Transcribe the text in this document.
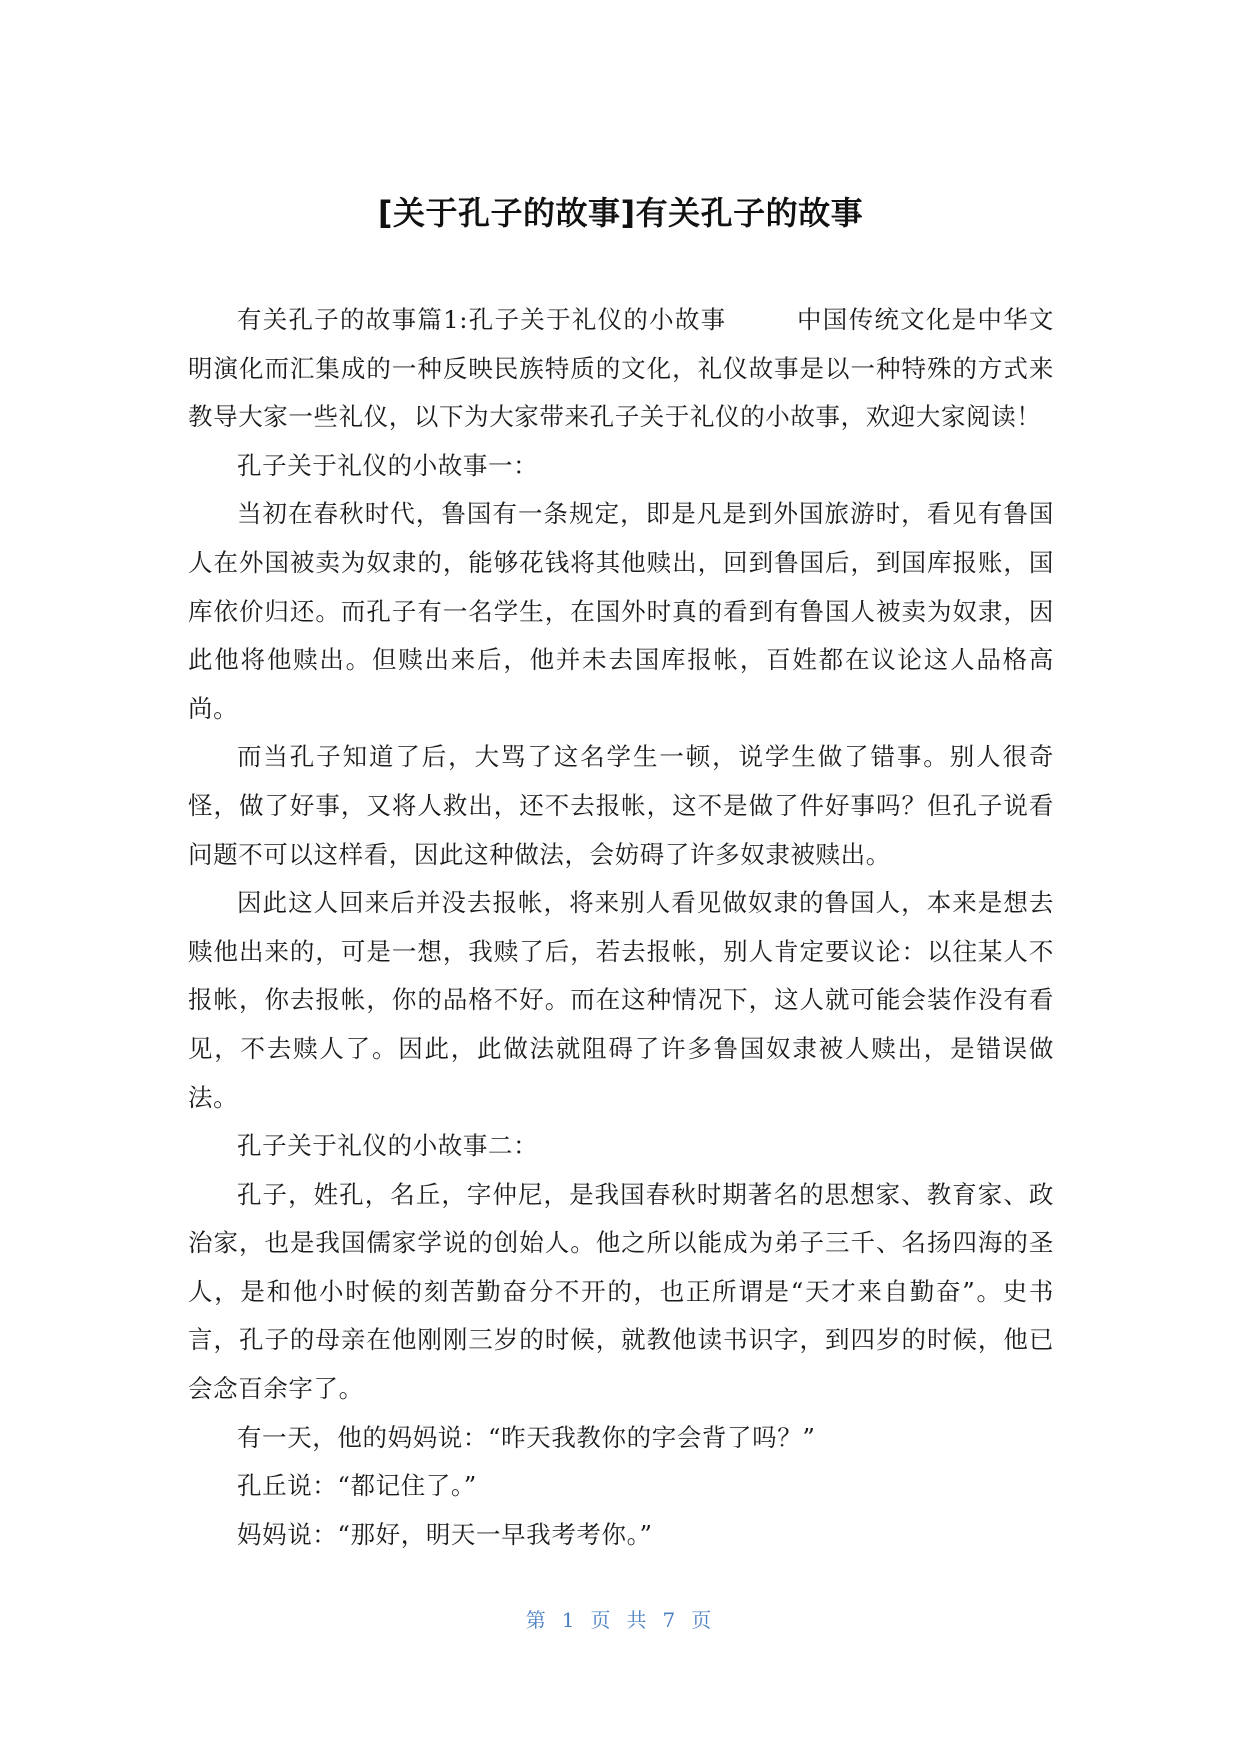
[关于孔子的故事]有关孔子的故事

有关孔子的故事篇1:孔子关于礼仪的小故事	中国传统文化是中华文明演化而汇集成的一种反映民族特质的文化，礼仪故事是以一种特殊的方式来教导大家一些礼仪，以下为大家带来孔子关于礼仪的小故事，欢迎大家阅读！

孔子关于礼仪的小故事一：

当初在春秋时代，鲁国有一条规定，即是凡是到外国旅游时，看见有鲁国人在外国被卖为奴隶的，能够花钱将其他赎出，回到鲁国后，到国库报账，国库依价归还。而孔子有一名学生，在国外时真的看到有鲁国人被卖为奴隶，因此他将他赎出。但赎出来后，他并未去国库报帐，百姓都在议论这人品格高尚。

而当孔子知道了后，大骂了这名学生一顿，说学生做了错事。别人很奇怪，做了好事，又将人救出，还不去报帐，这不是做了件好事吗？但孔子说看问题不可以这样看，因此这种做法，会妨碍了许多奴隶被赎出。

因此这人回来后并没去报帐，将来别人看见做奴隶的鲁国人，本来是想去赎他出来的，可是一想，我赎了后，若去报帐，别人肯定要议论：以往某人不报帐，你去报帐，你的品格不好。而在这种情况下，这人就可能会装作没有看见，不去赎人了。因此，此做法就阻碍了许多鲁国奴隶被人赎出，是错误做法。

孔子关于礼仪的小故事二：

孔子，姓孔，名丘，字仲尼，是我国春秋时期著名的思想家、教育家、政治家，也是我国儒家学说的创始人。他之所以能成为弟子三千、名扬四海的圣人，是和他小时候的刻苦勤奋分不开的，也正所谓是“天才来自勤奋”。史书言，孔子的母亲在他刚刚三岁的时候，就教他读书识字，到四岁的时候，他已会念百余字了。

有一天，他的妈妈说：“昨天我教你的字会背了吗？”

孔丘说：“都记住了。”

妈妈说：“那好，明天一早我考考你。”

第 1 页 共 7 页
